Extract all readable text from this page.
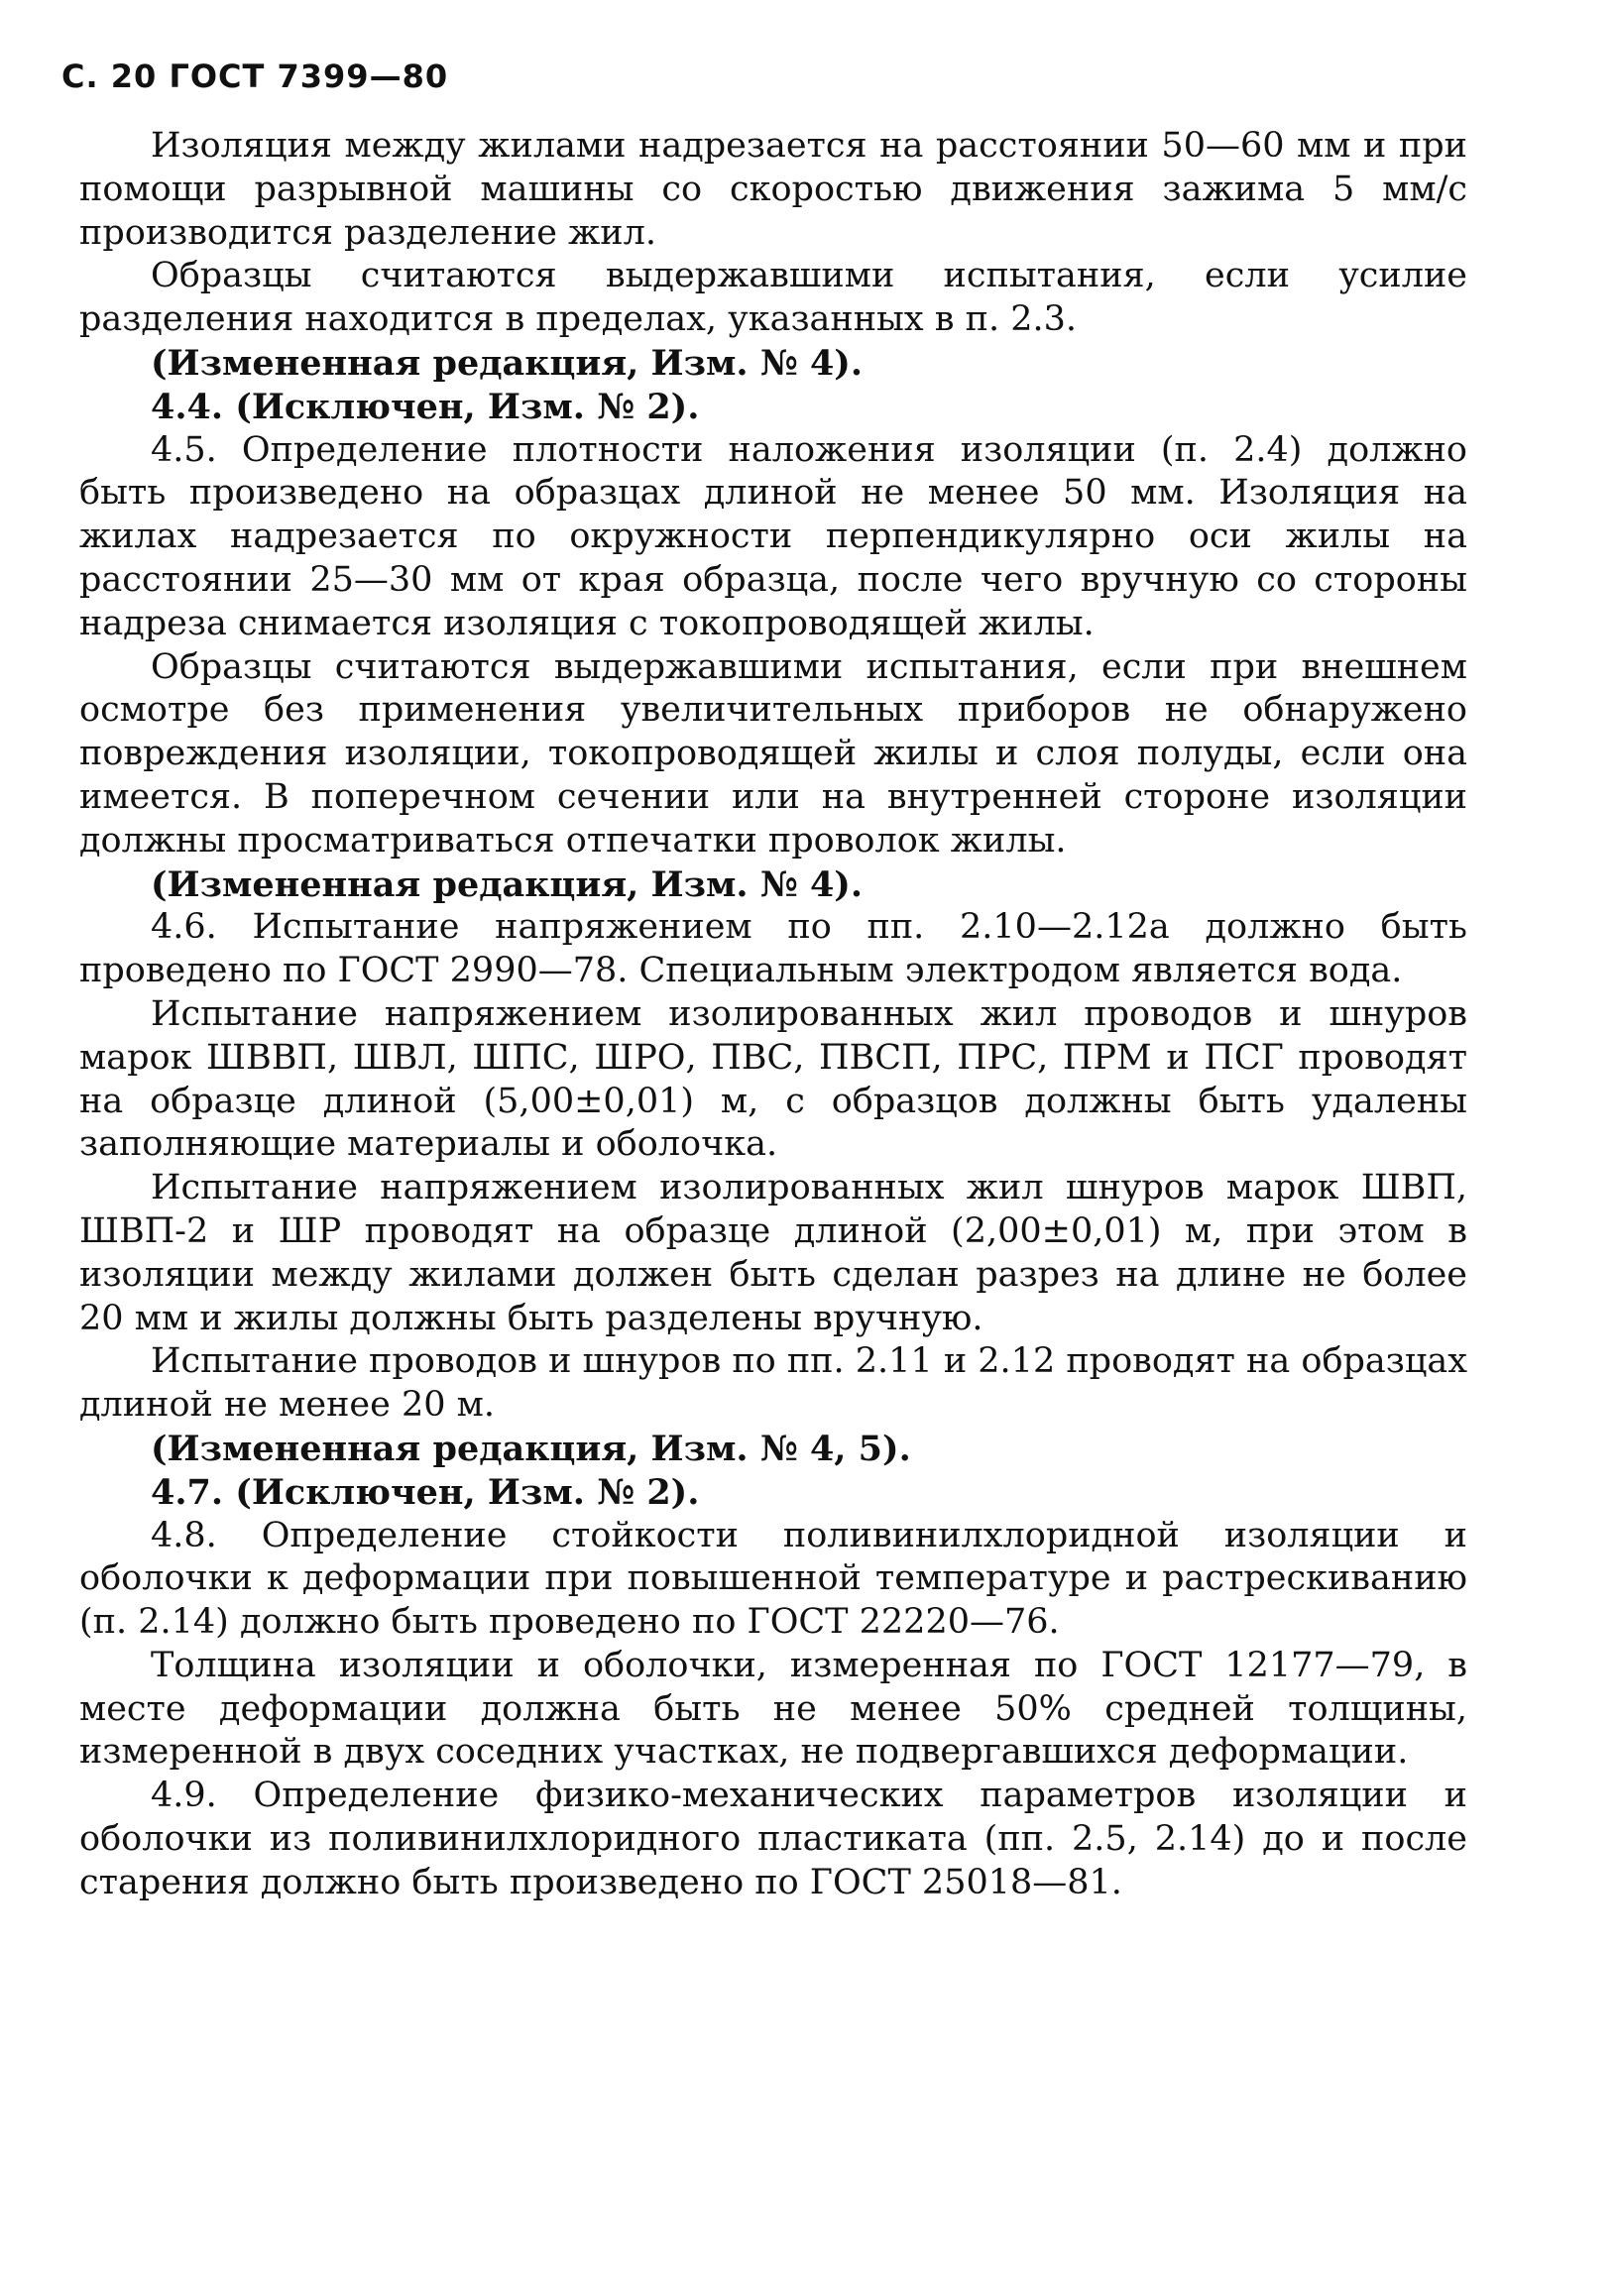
С. 20 ГОСТ 7399—80

Изоляция между жилами надрезается на расстоянии 50—60 мм и при помощи разрывной машины со скоростью движения зажима 5 мм/с производится разделение жил.

Образцы считаются выдержавшими испытания, если усилие разделения находится в пределах, указанных в п. 2.3.

(Измененная редакция, Изм. № 4).

4.4. (Исключен, Изм. № 2).

4.5. Определение плотности наложения изоляции (п. 2.4) должно быть произведено на образцах длиной не менее 50 мм. Изоляция на жилах надрезается по окружности перпендикулярно оси жилы на расстоянии 25—30 мм от края образца, после чего вручную со стороны надреза снимается изоляция с токопроводящей жилы.

Образцы считаются выдержавшими испытания, если при внешнем осмотре без применения увеличительных приборов не обнаружено повреждения изоляции, токопроводящей жилы и слоя полуды, если она имеется. В поперечном сечении или на внутренней стороне изоляции должны просматриваться отпечатки проволок жилы.

(Измененная редакция, Изм. № 4).

4.6. Испытание напряжением по пп. 2.10—2.12а должно быть проведено по ГОСТ 2990—78. Специальным электродом является вода.

Испытание напряжением изолированных жил проводов и шнуров марок ШВВП, ШВЛ, ШПС, ШРО, ПВС, ПВСП, ПРС, ПРМ и ПСГ проводят на образце длиной (5,00±0,01) м, с образцов должны быть удалены заполняющие материалы и оболочка.

Испытание напряжением изолированных жил шнуров марок ШВП, ШВП-2 и ШР проводят на образце длиной (2,00±0,01) м, при этом в изоляции между жилами должен быть сделан разрез на длине не более 20 мм и жилы должны быть разделены вручную.

Испытание проводов и шнуров по пп. 2.11 и 2.12 проводят на образцах длиной не менее 20 м.

(Измененная редакция, Изм. № 4, 5).

4.7. (Исключен, Изм. № 2).

4.8. Определение стойкости поливинилхлоридной изоляции и оболочки к деформации при повышенной температуре и растрескиванию (п. 2.14) должно быть проведено по ГОСТ 22220—76.

Толщина изоляции и оболочки, измеренная по ГОСТ 12177—79, в месте деформации должна быть не менее 50% средней толщины, измеренной в двух соседних участках, не подвергавшихся деформации.

4.9. Определение физико-механических параметров изоляции и оболочки из поливинилхлоридного пластиката (пп. 2.5, 2.14) до и после старения должно быть произведено по ГОСТ 25018—81.
